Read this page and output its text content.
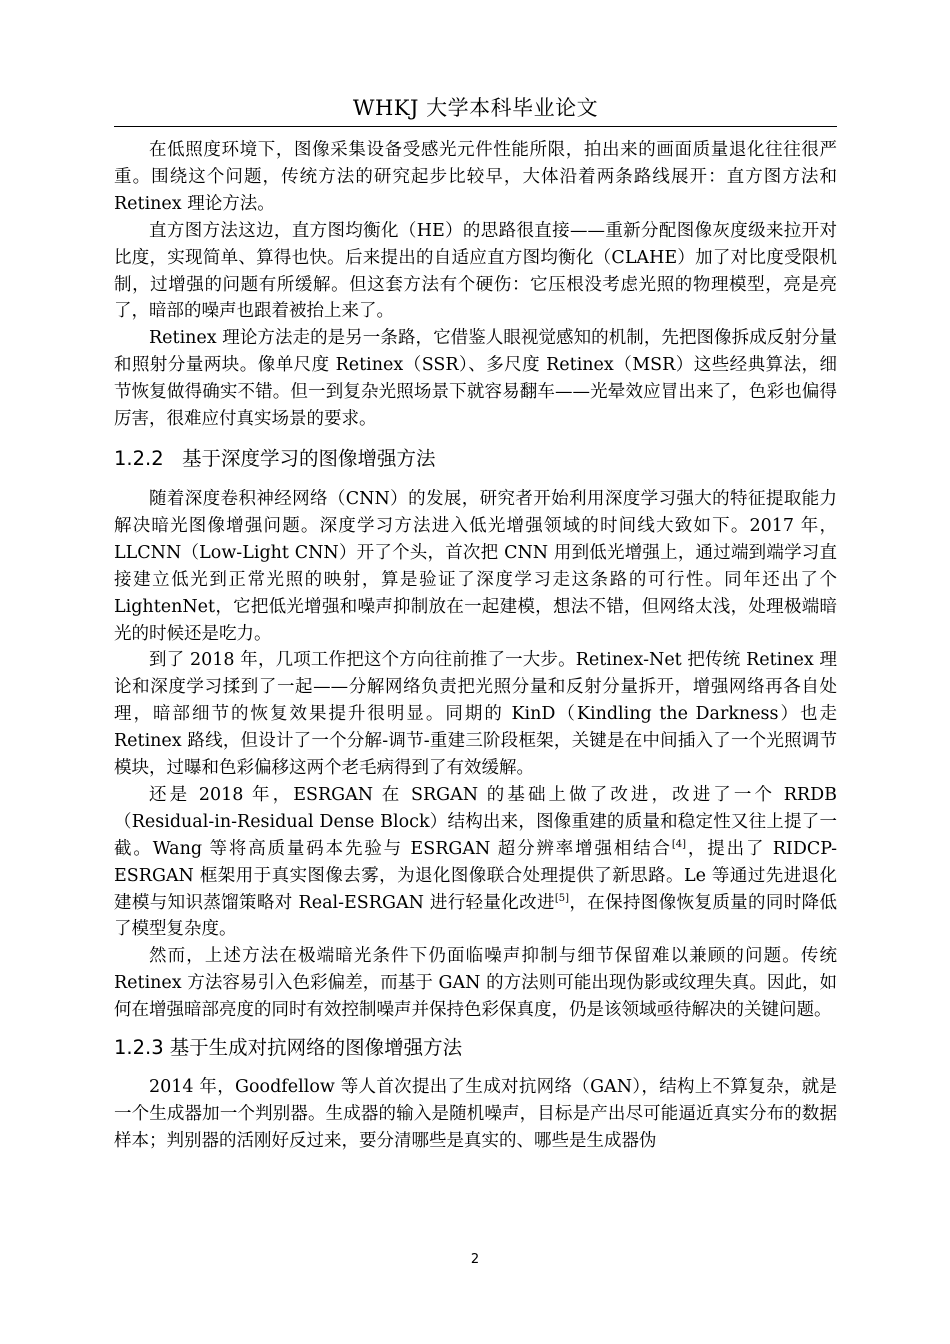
WHKJ 大学本科毕业论文

在低照度环境下，图像采集设备受感光元件性能所限，拍出来的画面质量退化往往很严重。围绕这个问题，传统方法的研究起步比较早，大体沿着两条路线展开：直方图方法和 Retinex 理论方法。

直方图方法这边，直方图均衡化（HE）的思路很直接——重新分配图像灰度级来拉开对比度，实现简单、算得也快。后来提出的自适应直方图均衡化（CLAHE）加了对比度受限机制，过增强的问题有所缓解。但这套方法有个硬伤：它压根没考虑光照的物理模型，亮是亮了，暗部的噪声也跟着被抬上来了。

Retinex 理论方法走的是另一条路，它借鉴人眼视觉感知的机制，先把图像拆成反射分量和照射分量两块。像单尺度 Retinex（SSR）、多尺度 Retinex（MSR）这些经典算法，细节恢复做得确实不错。但一到复杂光照场景下就容易翻车——光晕效应冒出来了，色彩也偏得厉害，很难应付真实场景的要求。

1.2.2 基于深度学习的图像增强方法

随着深度卷积神经网络（CNN）的发展，研究者开始利用深度学习强大的特征提取能力解决暗光图像增强问题。深度学习方法进入低光增强领域的时间线大致如下。2017 年，LLCNN（Low-Light CNN）开了个头，首次把 CNN 用到低光增强上，通过端到端学习直接建立低光到正常光照的映射，算是验证了深度学习走这条路的可行性。同年还出了个 LightenNet，它把低光增强和噪声抑制放在一起建模，想法不错，但网络太浅，处理极端暗光的时候还是吃力。

到了 2018 年，几项工作把这个方向往前推了一大步。Retinex-Net 把传统 Retinex 理论和深度学习揉到了一起——分解网络负责把光照分量和反射分量拆开，增强网络再各自处理，暗部细节的恢复效果提升很明显。同期的 KinD（Kindling the Darkness）也走 Retinex 路线，但设计了一个分解-调节-重建三阶段框架，关键是在中间插入了一个光照调节模块，过曝和色彩偏移这两个老毛病得到了有效缓解。

还是 2018 年，ESRGAN 在 SRGAN 的基础上做了改进，改进了一个 RRDB（Residual-in-Residual Dense Block）结构出来，图像重建的质量和稳定性又往上提了一截。Wang 等将高质量码本先验与 ESRGAN 超分辨率增强相结合[4]，提出了 RIDCP-ESRGAN 框架用于真实图像去雾，为退化图像联合处理提供了新思路。Le 等通过先进退化建模与知识蒸馏策略对 Real-ESRGAN 进行轻量化改进[5]，在保持图像恢复质量的同时降低了模型复杂度。

然而，上述方法在极端暗光条件下仍面临噪声抑制与细节保留难以兼顾的问题。传统 Retinex 方法容易引入色彩偏差，而基于 GAN 的方法则可能出现伪影或纹理失真。因此，如何在增强暗部亮度的同时有效控制噪声并保持色彩保真度，仍是该领域亟待解决的关键问题。

1.2.3 基于生成对抗网络的图像增强方法

2014 年，Goodfellow 等人首次提出了生成对抗网络（GAN），结构上不算复杂，就是一个生成器加一个判别器。生成器的输入是随机噪声，目标是产出尽可能逼近真实分布的数据样本；判别器的活刚好反过来，要分清哪些是真实的、哪些是生成器伪

2
